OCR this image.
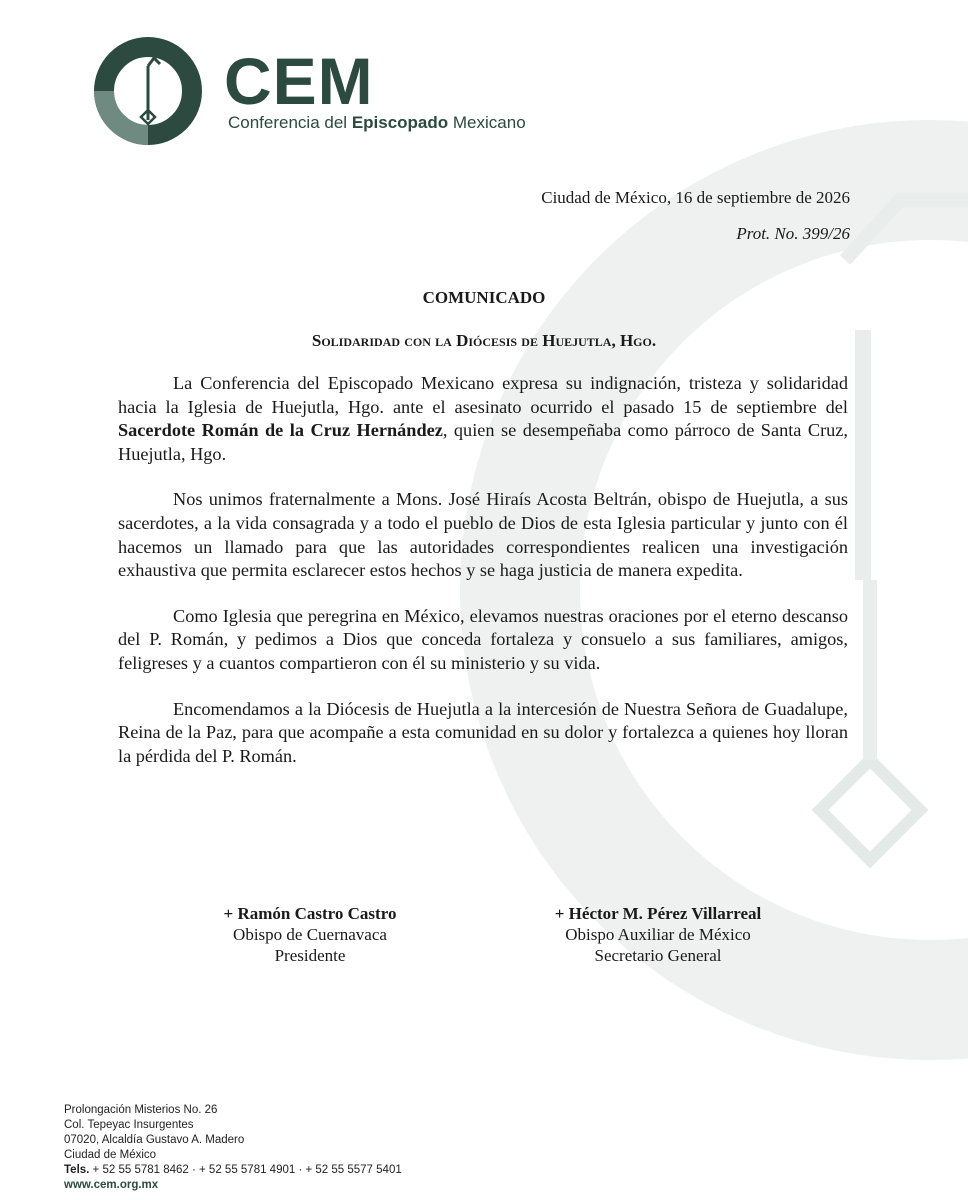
CEM
Conferencia del Episcopado Mexicano
Ciudad de México, 16 de septiembre de 2026
Prot. No. 399/26
COMUNICADO
Solidaridad con la Diócesis de Huejutla, Hgo.

La Conferencia del Episcopado Mexicano expresa su indignación, tristeza y solidaridad hacia la Iglesia de Huejutla, Hgo. ante el asesinato ocurrido el pasado 15 de septiembre del Sacerdote Román de la Cruz Hernández, quien se desempeñaba como párroco de Santa Cruz, Huejutla, Hgo.

Nos unimos fraternalmente a Mons. José Hiraís Acosta Beltrán, obispo de Huejutla, a sus sacerdotes, a la vida consagrada y a todo el pueblo de Dios de esta Iglesia particular y junto con él hacemos un llamado para que las autoridades correspondientes realicen una investigación exhaustiva que permita esclarecer estos hechos y se haga justicia de manera expedita.

Como Iglesia que peregrina en México, elevamos nuestras oraciones por el eterno descanso del P. Román, y pedimos a Dios que conceda fortaleza y consuelo a sus familiares, amigos, feligreses y a cuantos compartieron con él su ministerio y su vida.

Encomendamos a la Diócesis de Huejutla a la intercesión de Nuestra Señora de Guadalupe, Reina de la Paz, para que acompañe a esta comunidad en su dolor y fortalezca a quienes hoy lloran la pérdida del P. Román.

+ Ramón Castro Castro
Obispo de Cuernavaca
Presidente
+ Héctor M. Pérez Villarreal
Obispo Auxiliar de México
Secretario General
Prolongación Misterios No. 26
Col. Tepeyac Insurgentes
07020, Alcaldía Gustavo A. Madero
Ciudad de México
Tels. + 52 55 5781 8462 · + 52 55 5781 4901 · + 52 55 5577 5401
www.cem.org.mx
